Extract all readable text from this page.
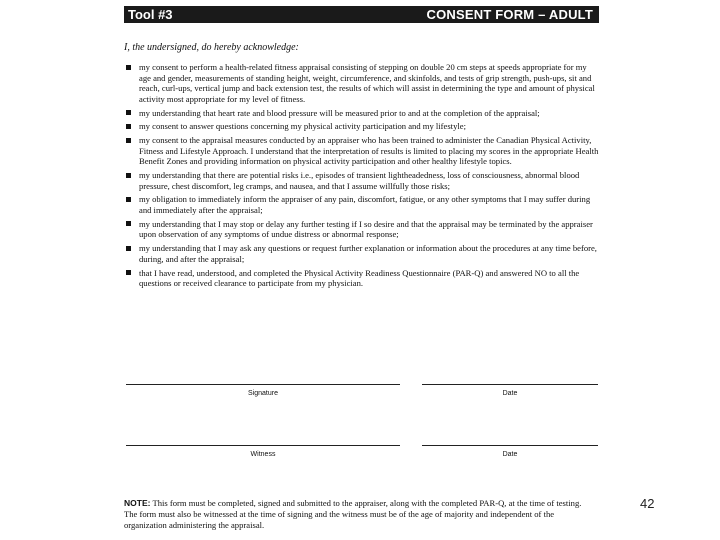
Tool #3	CONSENT FORM – ADULT
I, the undersigned, do hereby acknowledge:
my consent to perform a health-related fitness appraisal consisting of stepping on double 20 cm steps at speeds appropriate for my age and gender, measurements of standing height, weight, circumference, and skinfolds, and tests of grip strength, push-ups, sit and reach, curl-ups, vertical jump and back extension test, the results of which will assist in determining the type and amount of physical activity most appropriate for my level of fitness.
my understanding that heart rate and blood pressure will be measured prior to and at the completion of the appraisal;
my consent to answer questions concerning my physical activity participation and my lifestyle;
my consent to the appraisal measures conducted by an appraiser who has been trained to administer the Canadian Physical Activity, Fitness and Lifestyle Approach. I understand that the interpretation of results is limited to placing my scores in the appropriate Health Benefit Zones and providing information on physical activity participation and other healthy lifestyle topics.
my understanding that there are potential risks i.e., episodes of transient lightheadedness, loss of consciousness, abnormal blood pressure, chest discomfort, leg cramps, and nausea, and that I assume willfully those risks;
my obligation to immediately inform the appraiser of any pain, discomfort, fatigue, or any other symptoms that I may suffer during and immediately after the appraisal;
my understanding that I may stop or delay any further testing if I so desire and that the appraisal may be terminated by the appraiser upon observation of any symptoms of undue distress or abnormal response;
my understanding that I may ask any questions or request further explanation or information about the procedures at any time before, during, and after the appraisal;
that I have read, understood, and completed the Physical Activity Readiness Questionnaire (PAR-Q) and answered NO to all the questions or received clearance to participate from my physician.
Signature	Date
Witness	Date
NOTE: This form must be completed, signed and submitted to the appraiser, along with the completed PAR-Q, at the time of testing. The form must also be witnessed at the time of signing and the witness must be of the age of majority and independent of the organization administering the appraisal.
42
